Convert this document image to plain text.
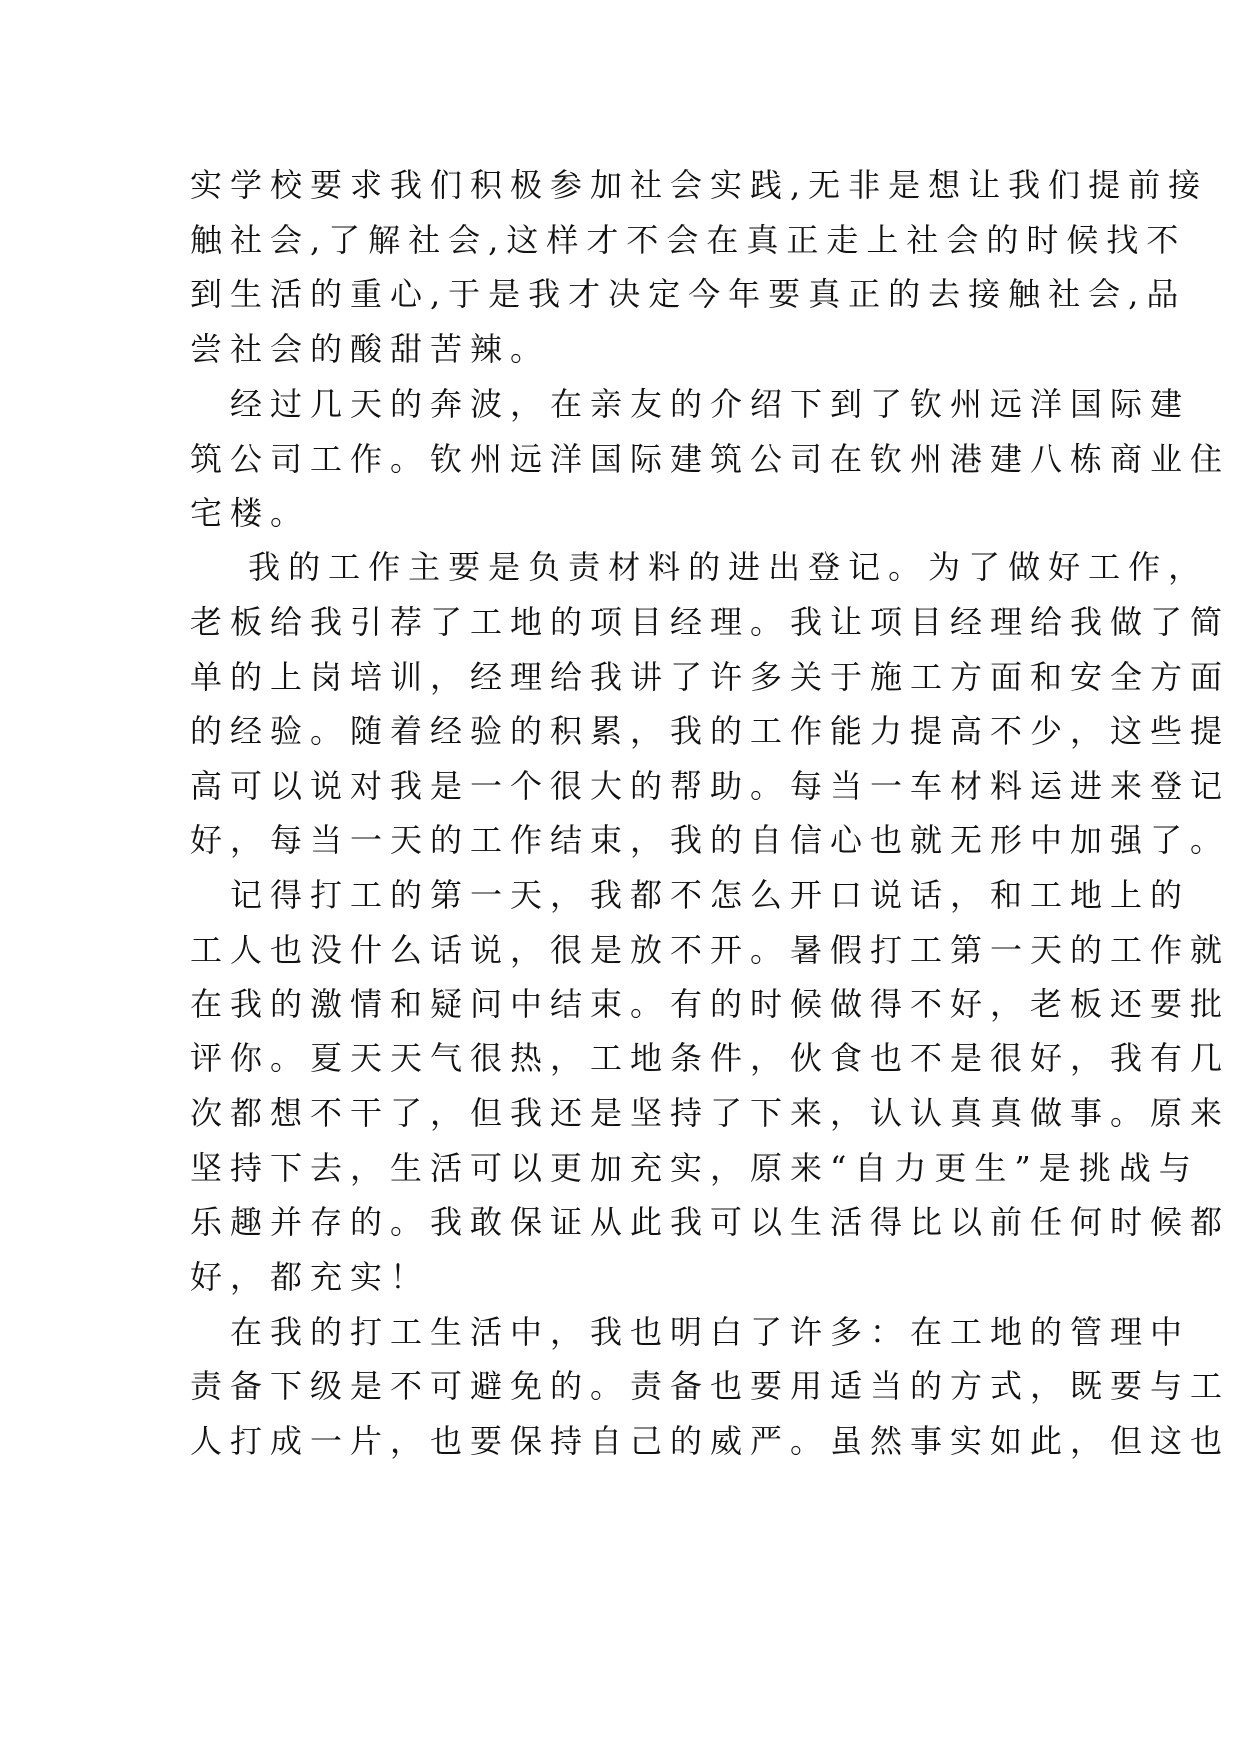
实学校要求我们积极参加社会实践,无非是想让我们提前接
触社会,了解社会,这样才不会在真正走上社会的时候找不
到生活的重心,于是我才决定今年要真正的去接触社会,品
尝社会的酸甜苦辣。
　经过几天的奔波，在亲友的介绍下到了钦州远洋国际建
筑公司工作。钦州远洋国际建筑公司在钦州港建八栋商业住
宅楼。
　 我的工作主要是负责材料的进出登记。为了做好工作，
老板给我引荐了工地的项目经理。我让项目经理给我做了简
单的上岗培训，经理给我讲了许多关于施工方面和安全方面
的经验。随着经验的积累，我的工作能力提高不少，这些提
高可以说对我是一个很大的帮助。每当一车材料运进来登记
好，每当一天的工作结束，我的自信心也就无形中加强了。
　记得打工的第一天，我都不怎么开口说话，和工地上的
工人也没什么话说，很是放不开。暑假打工第一天的工作就
在我的激情和疑问中结束。有的时候做得不好，老板还要批
评你。夏天天气很热，工地条件，伙食也不是很好，我有几
次都想不干了，但我还是坚持了下来，认认真真做事。原来
坚持下去，生活可以更加充实，原来“自力更生”是挑战与
乐趣并存的。我敢保证从此我可以生活得比以前任何时候都
好，都充实！
　在我的打工生活中，我也明白了许多：在工地的管理中
责备下级是不可避免的。责备也要用适当的方式，既要与工
人打成一片，也要保持自己的威严。虽然事实如此，但这也
